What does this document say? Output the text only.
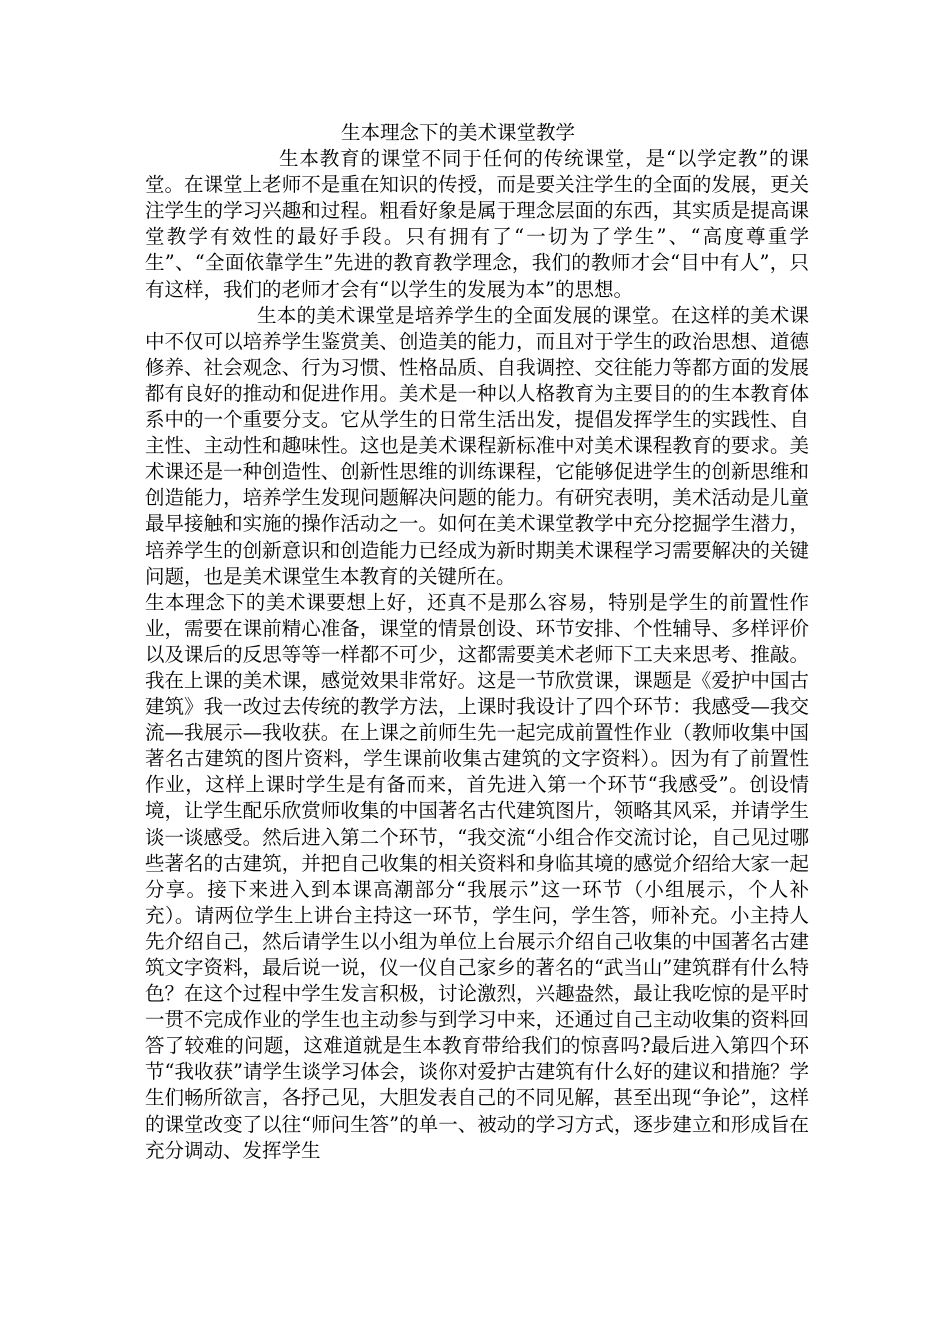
生本理念下的美术课堂教学

生本教育的课堂不同于任何的传统课堂，是“以学定教”的课堂。在课堂上老师不是重在知识的传授，而是要关注学生的全面的发展，更关注学生的学习兴趣和过程。粗看好象是属于理念层面的东西，其实质是提高课堂教学有效性的最好手段。只有拥有了“一切为了学生”、“高度尊重学生”、“全面依靠学生”先进的教育教学理念，我们的教师才会“目中有人”，只有这样，我们的老师才会有“以学生的发展为本”的思想。

生本的美术课堂是培养学生的全面发展的课堂。在这样的美术课中不仅可以培养学生鉴赏美、创造美的能力，而且对于学生的政治思想、道德修养、社会观念、行为习惯、性格品质、自我调控、交往能力等都方面的发展都有良好的推动和促进作用。美术是一种以人格教育为主要目的的生本教育体系中的一个重要分支。它从学生的日常生活出发，提倡发挥学生的实践性、自主性、主动性和趣味性。这也是美术课程新标准中对美术课程教育的要求。美术课还是一种创造性、创新性思维的训练课程，它能够促进学生的创新思维和创造能力，培养学生发现问题解决问题的能力。有研究表明，美术活动是儿童最早接触和实施的操作活动之一。如何在美术课堂教学中充分挖掘学生潜力，培养学生的创新意识和创造能力已经成为新时期美术课程学习需要解决的关键问题，也是美术课堂生本教育的关键所在。

生本理念下的美术课要想上好，还真不是那么容易，特别是学生的前置性作业，需要在课前精心准备，课堂的情景创设、环节安排、个性辅导、多样评价以及课后的反思等等一样都不可少，这都需要美术老师下工夫来思考、推敲。我在上课的美术课，感觉效果非常好。这是一节欣赏课，课题是《爱护中国古建筑》我一改过去传统的教学方法，上课时我设计了四个环节：我感受—我交流—我展示—我收获。在上课之前师生先一起完成前置性作业（教师收集中国著名古建筑的图片资料，学生课前收集古建筑的文字资料）。因为有了前置性作业，这样上课时学生是有备而来，首先进入第一个环节“我感受”。创设情境，让学生配乐欣赏师收集的中国著名古代建筑图片，领略其风采，并请学生谈一谈感受。然后进入第二个环节，“我交流“小组合作交流讨论，自己见过哪些著名的古建筑，并把自己收集的相关资料和身临其境的感觉介绍给大家一起分享。接下来进入到本课高潮部分“我展示”这一环节（小组展示，个人补充）。请两位学生上讲台主持这一环节，学生问，学生答，师补充。小主持人先介绍自己，然后请学生以小组为单位上台展示介绍自己收集的中国著名古建筑文字资料，最后说一说，仪一仪自己家乡的著名的“武当山”建筑群有什么特色？在这个过程中学生发言积极，讨论激烈，兴趣盎然，最让我吃惊的是平时一贯不完成作业的学生也主动参与到学习中来，还通过自己主动收集的资料回答了较难的问题，这难道就是生本教育带给我们的惊喜吗?最后进入第四个环节“我收获”请学生谈学习体会，谈你对爱护古建筑有什么好的建议和措施？学生们畅所欲言，各抒己见，大胆发表自己的不同见解，甚至出现“争论”，这样的课堂改变了以往“师问生答”的单一、被动的学习方式，逐步建立和形成旨在充分调动、发挥学生
